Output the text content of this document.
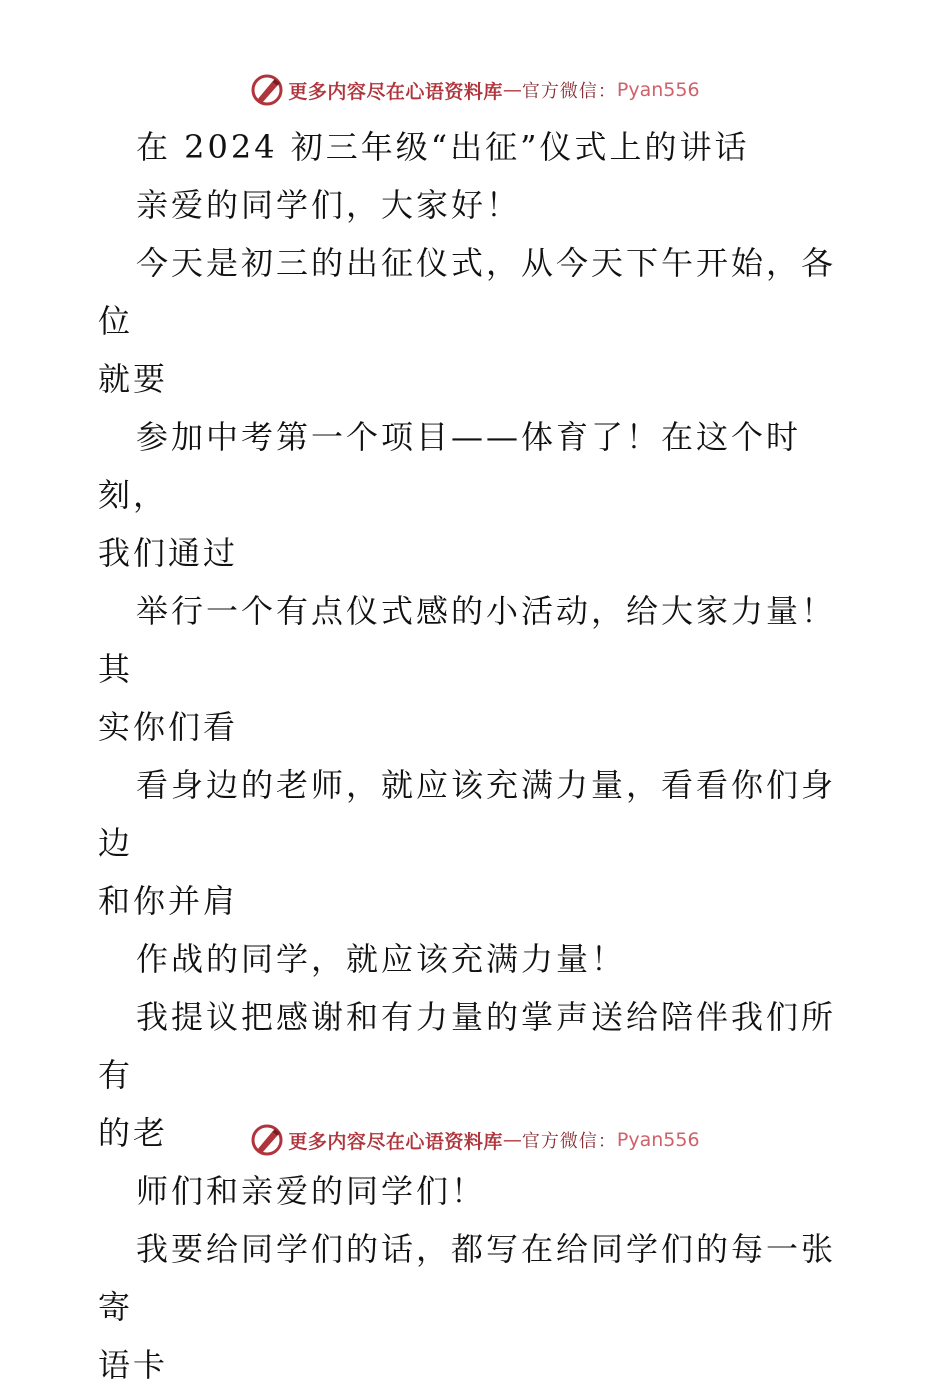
更多内容尽在心语资料库 — 官方微信： Pyan556
在 2024 初三年级“出征”仪式上的讲话
亲爱的同学们，大家好！
今天是初三的出征仪式，从今天下午开始，各位
就要
参加中考第一个项目——体育了！在这个时刻，
我们通过
举行一个有点仪式感的小活动，给大家力量！其
实你们看
看身边的老师，就应该充满力量，看看你们身边
和你并肩
作战的同学，就应该充满力量！
我提议把感谢和有力量的掌声送给陪伴我们所有
的老
师们和亲爱的同学们！
我要给同学们的话，都写在给同学们的每一张寄
语卡
更多内容尽在心语资料库 — 官方微信： Pyan556
